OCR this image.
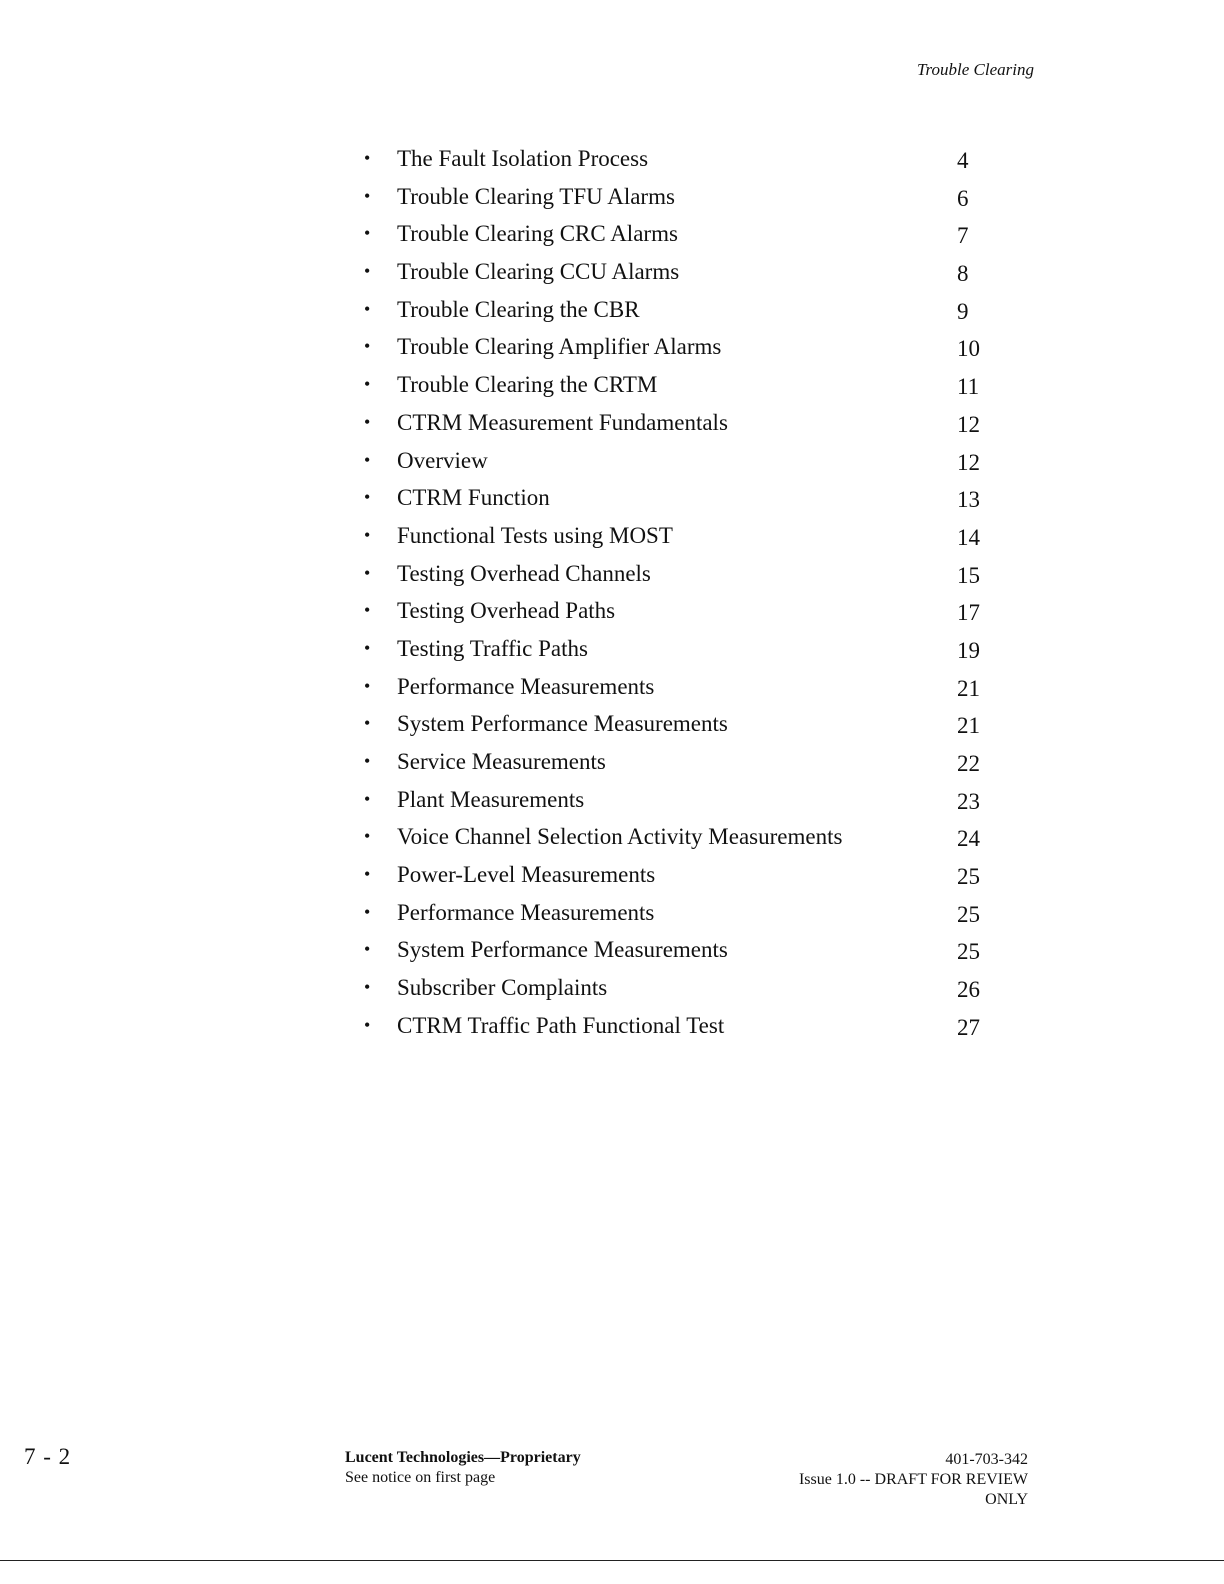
Trouble Clearing
• The Fault Isolation Process	4
• Trouble Clearing TFU Alarms	6
• Trouble Clearing CRC Alarms	7
• Trouble Clearing CCU Alarms	8
• Trouble Clearing the CBR	9
• Trouble Clearing Amplifier Alarms	10
• Trouble Clearing the CRTM	11
• CTRM Measurement Fundamentals	12
• Overview	12
• CTRM Function	13
• Functional Tests using MOST	14
• Testing Overhead Channels	15
• Testing Overhead Paths	17
• Testing Traffic Paths	19
• Performance Measurements	21
• System Performance Measurements	21
• Service Measurements	22
• Plant Measurements	23
• Voice Channel Selection Activity Measurements	24
• Power-Level Measurements	25
• Performance Measurements	25
• System Performance Measurements	25
• Subscriber Complaints	26
• CTRM Traffic Path Functional Test	27
7 - 2	Lucent Technologies—Proprietary
See notice on first page
401-703-342
Issue 1.0 -- DRAFT FOR REVIEW
ONLY
